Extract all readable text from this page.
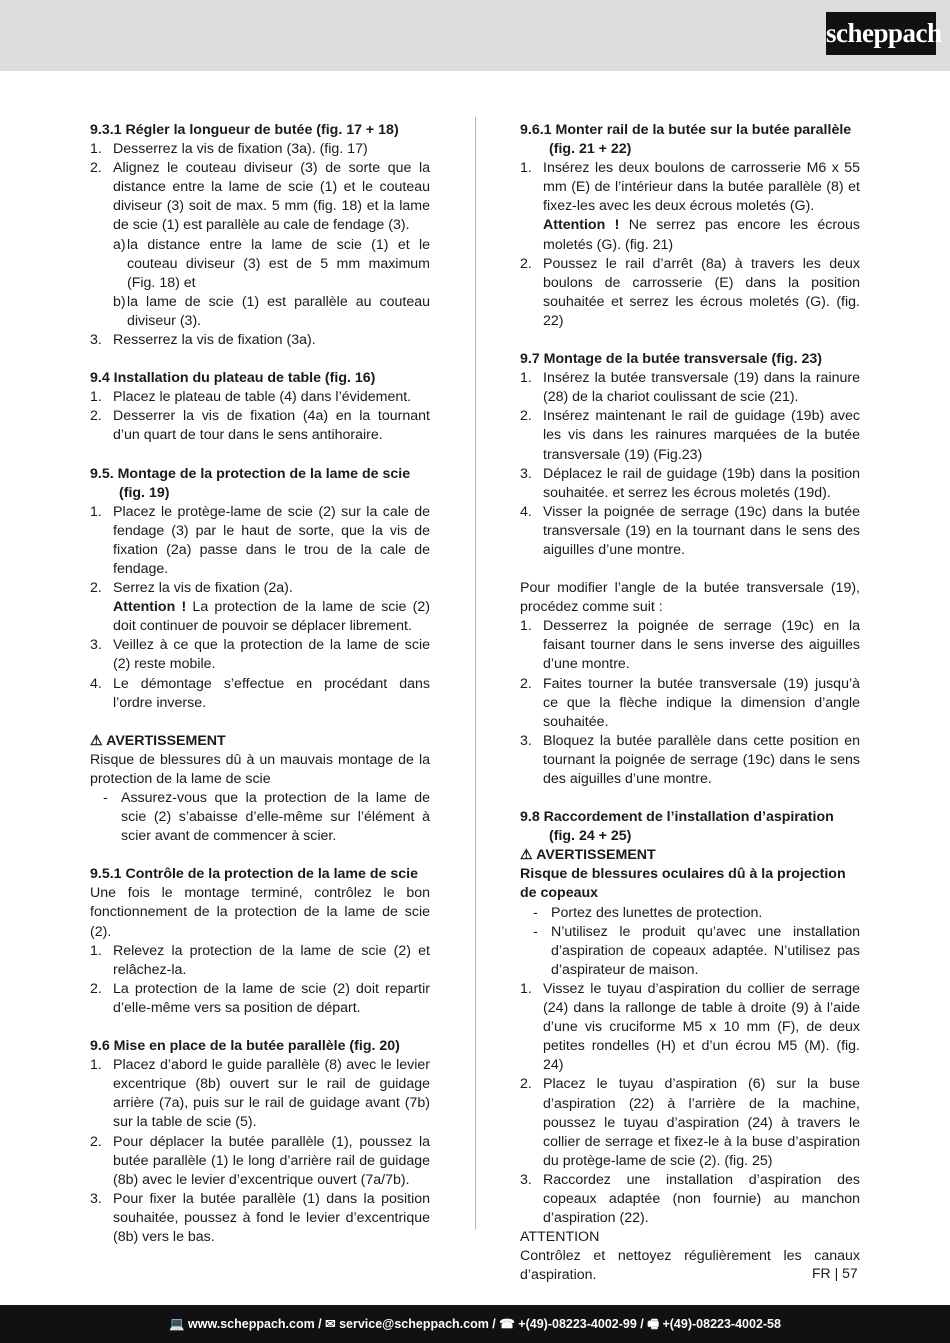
scheppach
9.3.1 Régler la longueur de butée (fig. 17 + 18)
1. Desserrez la vis de fixation (3a). (fig. 17)
2. Alignez le couteau diviseur (3) de sorte que la distance entre la lame de scie (1) et le couteau diviseur (3) soit de max. 5 mm (fig. 18) et la lame de scie (1) est parallèle au cale de fendage (3).
a) la distance entre la lame de scie (1) et le couteau diviseur (3) est de 5 mm maximum (Fig. 18) et
b) la lame de scie (1) est parallèle au couteau diviseur (3).
3. Resserrez la vis de fixation (3a).
9.4 Installation du plateau de table (fig. 16)
1. Placez le plateau de table (4) dans l’évidement.
2. Desserrer la vis de fixation (4a) en la tournant d’un quart de tour dans le sens antihoraire.
9.5. Montage de la protection de la lame de scie
(fig. 19)
1. Placez le protège-lame de scie (2) sur la cale de fendage (3) par le haut de sorte, que la vis de fixation (2a) passe dans le trou de la cale de fendage.
2. Serrez la vis de fixation (2a).
Attention ! La protection de la lame de scie (2) doit continuer de pouvoir se déplacer librement.
3. Veillez à ce que la protection de la lame de scie (2) reste mobile.
4. Le démontage s’effectue en procédant dans l’ordre inverse.
⚠ AVERTISSEMENT
Risque de blessures dû à un mauvais montage de la protection de la lame de scie
- Assurez-vous que la protection de la lame de scie (2) s’abaisse d’elle-même sur l’élément à scier avant de commencer à scier.
9.5.1 Contrôle de la protection de la lame de scie
Une fois le montage terminé, contrôlez le bon fonctionnement de la protection de la lame de scie (2).
1. Relevez la protection de la lame de scie (2) et relâchez-la.
2. La protection de la lame de scie (2) doit repartir d’elle-même vers sa position de départ.
9.6 Mise en place de la butée parallèle (fig. 20)
1. Placez d’abord le guide parallèle (8) avec le levier excentrique (8b) ouvert sur le rail de guidage arrière (7a), puis sur le rail de guidage avant (7b) sur la table de scie (5).
2. Pour déplacer la butée parallèle (1), poussez la butée parallèle (1) le long d’arrière rail de guidage (8b) avec le levier d’excentrique ouvert (7a/7b).
3. Pour fixer la butée parallèle (1) dans la position souhaitée, poussez à fond le levier d’excentrique (8b) vers le bas.
9.6.1 Monter rail de la butée sur la butée parallèle
(fig. 21 + 22)
1. Insérez les deux boulons de carrosserie M6 x 55 mm (E) de l’intérieur dans la butée parallèle (8) et fixez-les avec les deux écrous moletés (G).
Attention ! Ne serrez pas encore les écrous moletés (G). (fig. 21)
2. Poussez le rail d’arrêt (8a) à travers les deux boulons de carrosserie (E) dans la position souhaitée et serrez les écrous moletés (G). (fig. 22)
9.7 Montage de la butée transversale (fig. 23)
1. Insérez la butée transversale (19) dans la rainure (28) de la chariot coulissant de scie (21).
2. Insérez maintenant le rail de guidage (19b) avec les vis dans les rainures marquées de la butée transversale (19) (Fig.23)
3. Déplacez le rail de guidage (19b) dans la position souhaitée. et serrez les écrous moletés (19d).
4. Visser la poignée de serrage (19c) dans la butée transversale (19) en la tournant dans le sens des aiguilles d’une montre.
Pour modifier l’angle de la butée transversale (19), procédez comme suit :
1. Desserrez la poignée de serrage (19c) en la faisant tourner dans le sens inverse des aiguilles d’une montre.
2. Faites tourner la butée transversale (19) jusqu’à ce que la flèche indique la dimension d’angle souhaitée.
3. Bloquez la butée parallèle dans cette position en tournant la poignée de serrage (19c) dans le sens des aiguilles d’une montre.
9.8 Raccordement de l’installation d’aspiration
(fig. 24 + 25)
⚠ AVERTISSEMENT
Risque de blessures oculaires dû à la projection de copeaux
- Portez des lunettes de protection.
- N’utilisez le produit qu’avec une installation d’aspiration de copeaux adaptée. N’utilisez pas d’aspirateur de maison.
1. Vissez le tuyau d’aspiration du collier de serrage (24) dans la rallonge de table à droite (9) à l’aide d’une vis cruciforme M5 x 10 mm (F), de deux petites rondelles (H) et d’un écrou M5 (M). (fig. 24)
2. Placez le tuyau d’aspiration (6) sur la buse d’aspiration (22) à l’arrière de la machine, poussez le tuyau d’aspiration (24) à travers le collier de serrage et fixez-le à la buse d’aspiration du protège-lame de scie (2). (fig. 25)
3. Raccordez une installation d’aspiration des copeaux adaptée (non fournie) au manchon d’aspiration (22).
ATTENTION
Contrôlez et nettoyez régulièrement les canaux d’aspiration.	FR | 57
💻 www.scheppach.com / ✉ service@scheppach.com / ☎ +(49)-08223-4002-99 / 🖷 +(49)-08223-4002-58
